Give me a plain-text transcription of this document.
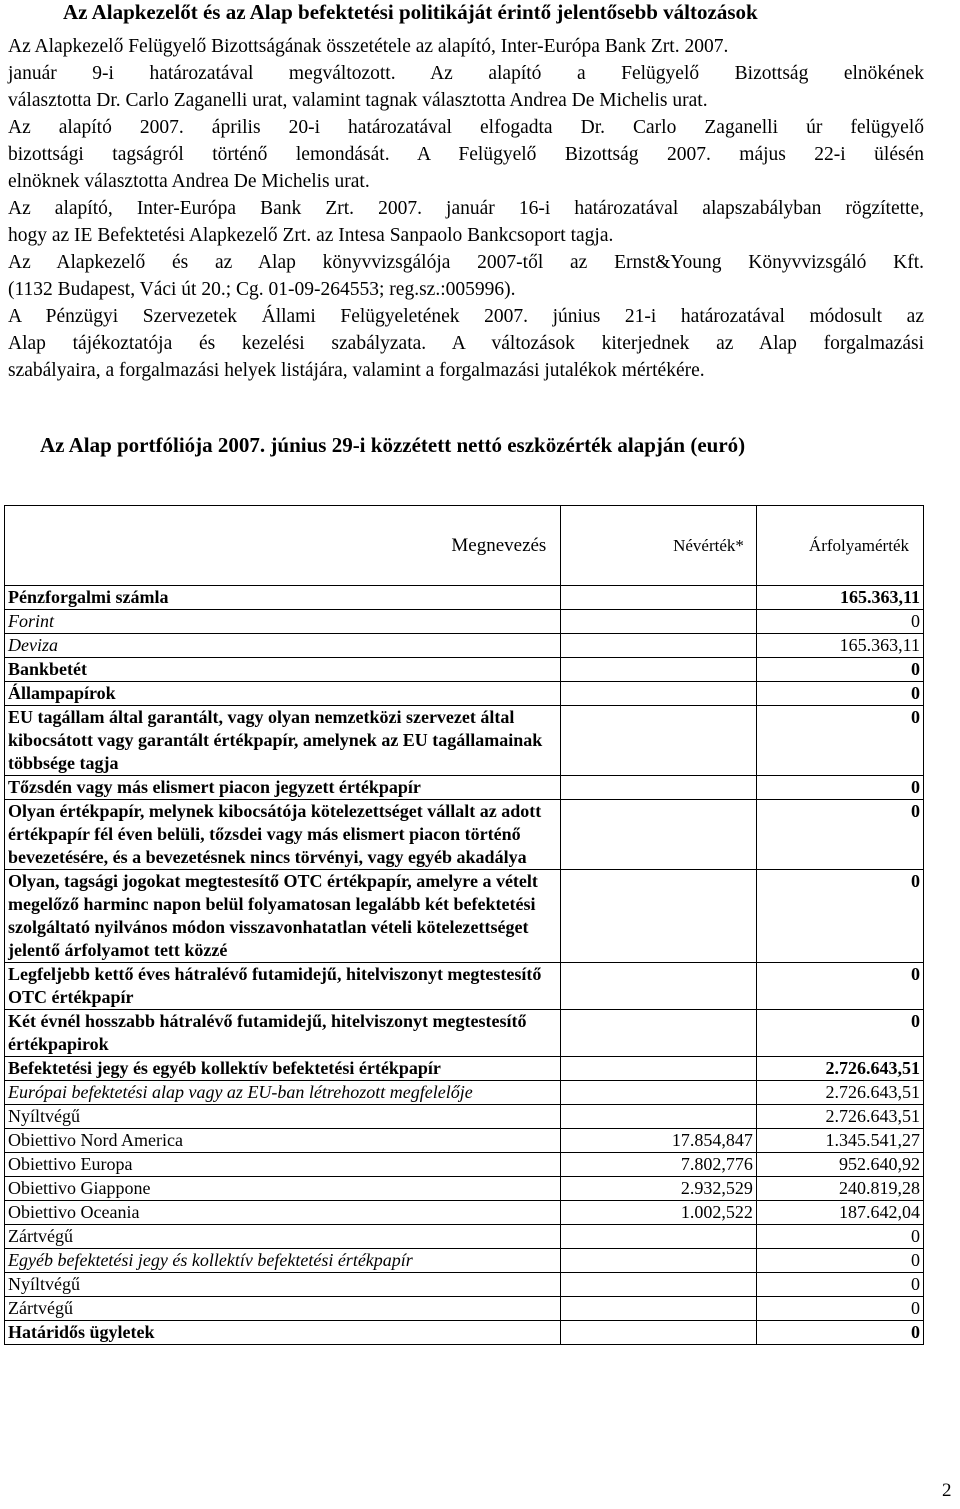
Az Alapkezelőt és az Alap befektetési politikáját érintő jelentősebb változások
Az Alapkezelő Felügyelő Bizottságának összetétele az alapító, Inter-Európa Bank Zrt. 2007.
január 9-i határozatával megváltozott. Az alapító a Felügyelő Bizottság elnökének
választotta Dr. Carlo Zaganelli urat, valamint tagnak választotta Andrea De Michelis urat.
Az alapító 2007. április 20-i határozatával elfogadta Dr. Carlo Zaganelli úr felügyelő
bizottsági tagságról történő lemondását. A Felügyelő Bizottság 2007. május 22-i ülésén
elnöknek választotta Andrea De Michelis urat.
Az alapító, Inter-Európa Bank Zrt. 2007. január 16-i határozatával alapszabályban rögzítette,
hogy az IE Befektetési Alapkezelő Zrt. az Intesa Sanpaolo Bankcsoport tagja.
Az Alapkezelő és az Alap könyvvizsgálója 2007-től az Ernst&Young Könyvvizsgáló Kft.
(1132 Budapest, Váci út 20.; Cg. 01-09-264553; reg.sz.:005996).
A Pénzügyi Szervezetek Állami Felügyeletének 2007. június 21-i határozatával módosult az
Alap tájékoztatója és kezelési szabályzata. A változások kiterjednek az Alap forgalmazási
szabályaira, a forgalmazási helyek listájára, valamint a forgalmazási jutalékok mértékére.
Az Alap portfóliója 2007. június 29-i közzétett nettó eszközérték alapján (euró)
Megnevezés	Névérték*	Árfolyamérték
Pénzforgalmi számla		165.363,11
Forint		0
Deviza		165.363,11
Bankbetét		0
Állampapírok		0
EU tagállam által garantált, vagy olyan nemzetközi szervezet által kibocsátott vagy garantált értékpapír, amelynek az EU tagállamainak többsége tagja		0
Tőzsdén vagy más elismert piacon jegyzett értékpapír		0
Olyan értékpapír, melynek kibocsátója kötelezettséget vállalt az adott értékpapír fél éven belüli, tőzsdei vagy más elismert piacon történő bevezetésére, és a bevezetésnek nincs törvényi, vagy egyéb akadálya		0
Olyan, tagsági jogokat megtestesítő OTC értékpapír, amelyre a vételt megelőző harminc napon belül folyamatosan legalább két befektetési szolgáltató nyilvános módon visszavonhatatlan vételi kötelezettséget jelentő árfolyamot tett közzé		0
Legfeljebb kettő éves hátralévő futamidejű, hitelviszonyt megtestesítő OTC értékpapír		0
Két évnél hosszabb hátralévő futamidejű, hitelviszonyt megtestesítő értékpapirok		0
Befektetési jegy és egyéb kollektív befektetési értékpapír		2.726.643,51
Európai befektetési alap vagy az EU-ban létrehozott megfelelője		2.726.643,51
Nyíltvégű		2.726.643,51
Obiettivo Nord America	17.854,847	1.345.541,27
Obiettivo Europa	7.802,776	952.640,92
Obiettivo Giappone	2.932,529	240.819,28
Obiettivo Oceania	1.002,522	187.642,04
Zártvégű		0
Egyéb befektetési jegy és kollektív befektetési értékpapír		0
Nyíltvégű		0
Zártvégű		0
Határidős ügyletek		0
2
